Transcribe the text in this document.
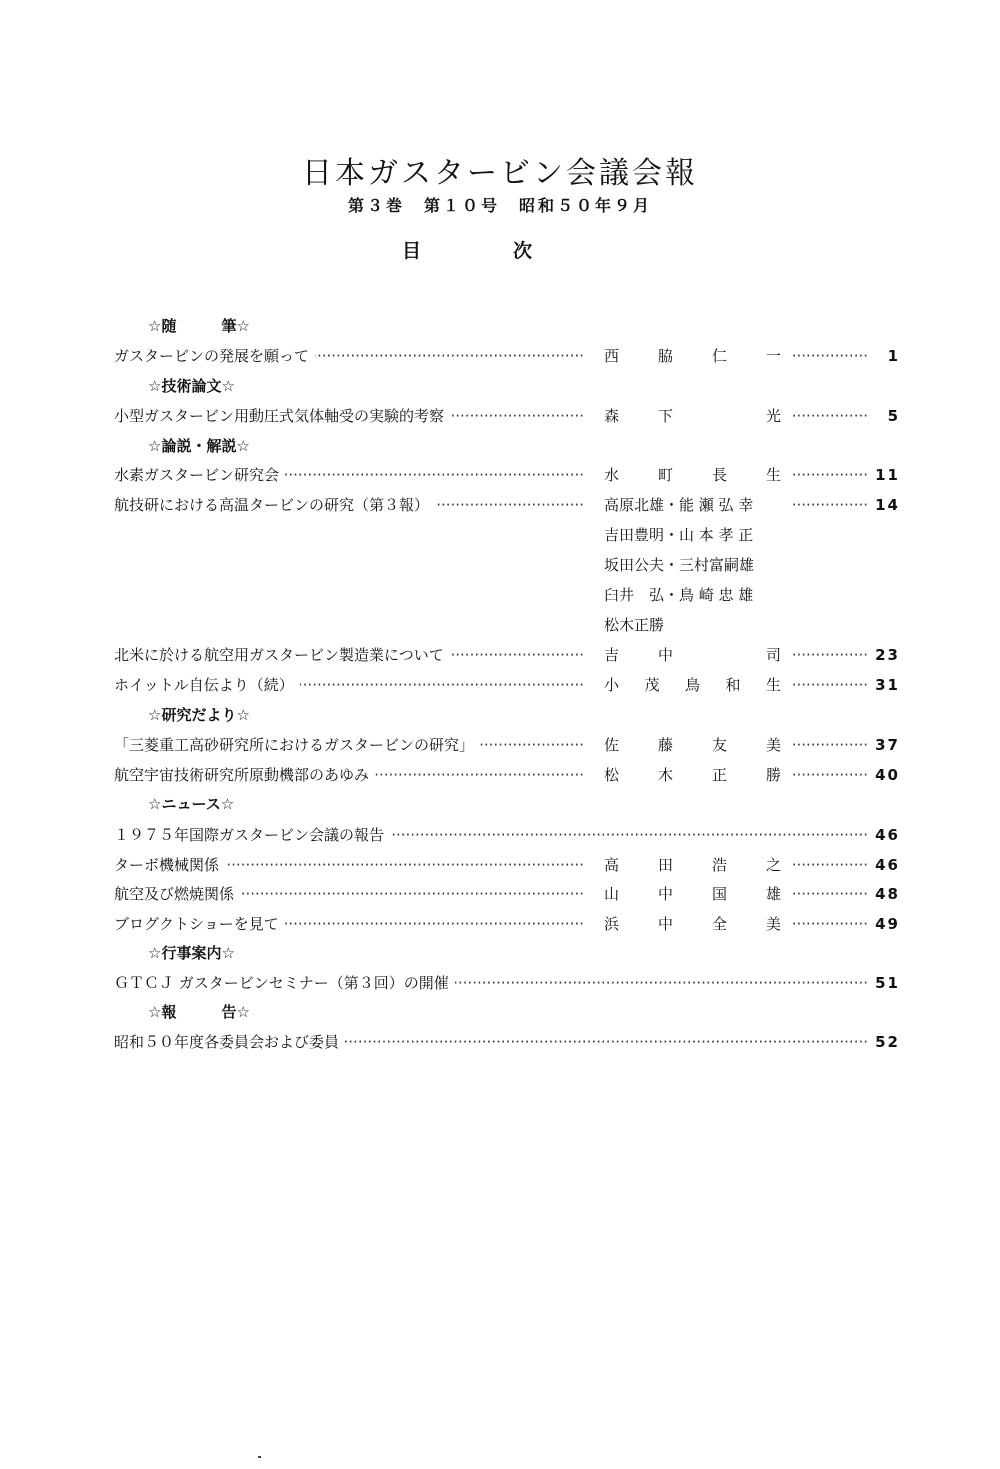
日本ガスタービン会議会報
第３巻　第１０号　昭和５０年９月
目	次
☆随　　　筆☆
ガスタービンの発展を願って ·····	西	脇	仁	一 ·····	1
☆技術論文☆
小型ガスタービン用動圧式気体軸受の実験的考察 ·····	森	下	光 ·····	5
☆論説・解説☆
水素ガスタービン研究会 ·····	水	町	長	生 ·····	11
航技研における高温タービンの研究（第３報） ·····	高原北雄・能 瀬 弘 幸 ·····	14
吉田豊明・山 本 孝 正
坂田公夫・三村富嗣雄
臼井　弘・鳥 崎 忠 雄
松木正勝
北米に於ける航空用ガスタービン製造業について ·····	吉	中	司 ·····	23
ホイットル自伝より（続） ·····	小 茂 鳥 和 生 ·····	31
☆研究だより☆
「三菱重工高砂研究所におけるガスタービンの研究」 ·····	佐	藤	友	美 ·····	37
航空宇宙技術研究所原動機部のあゆみ ·····	松	木	正	勝 ·····	40
☆ニュース☆
１９７５年国際ガスタービン会議の報告 ·····	46
ターボ機械関係 ·····	高	田	浩	之 ·····	46
航空及び燃焼関係 ·····	山	中	国	雄 ·····	48
ブログクトショーを見て ·····	浜	中	全	美 ·····	49
☆行事案内☆
ＧＴＣＪ ガスタービンセミナー（第３回）の開催 ·····	51
☆報　　　告☆
昭和５０年度各委員会および委員 ·····	52
